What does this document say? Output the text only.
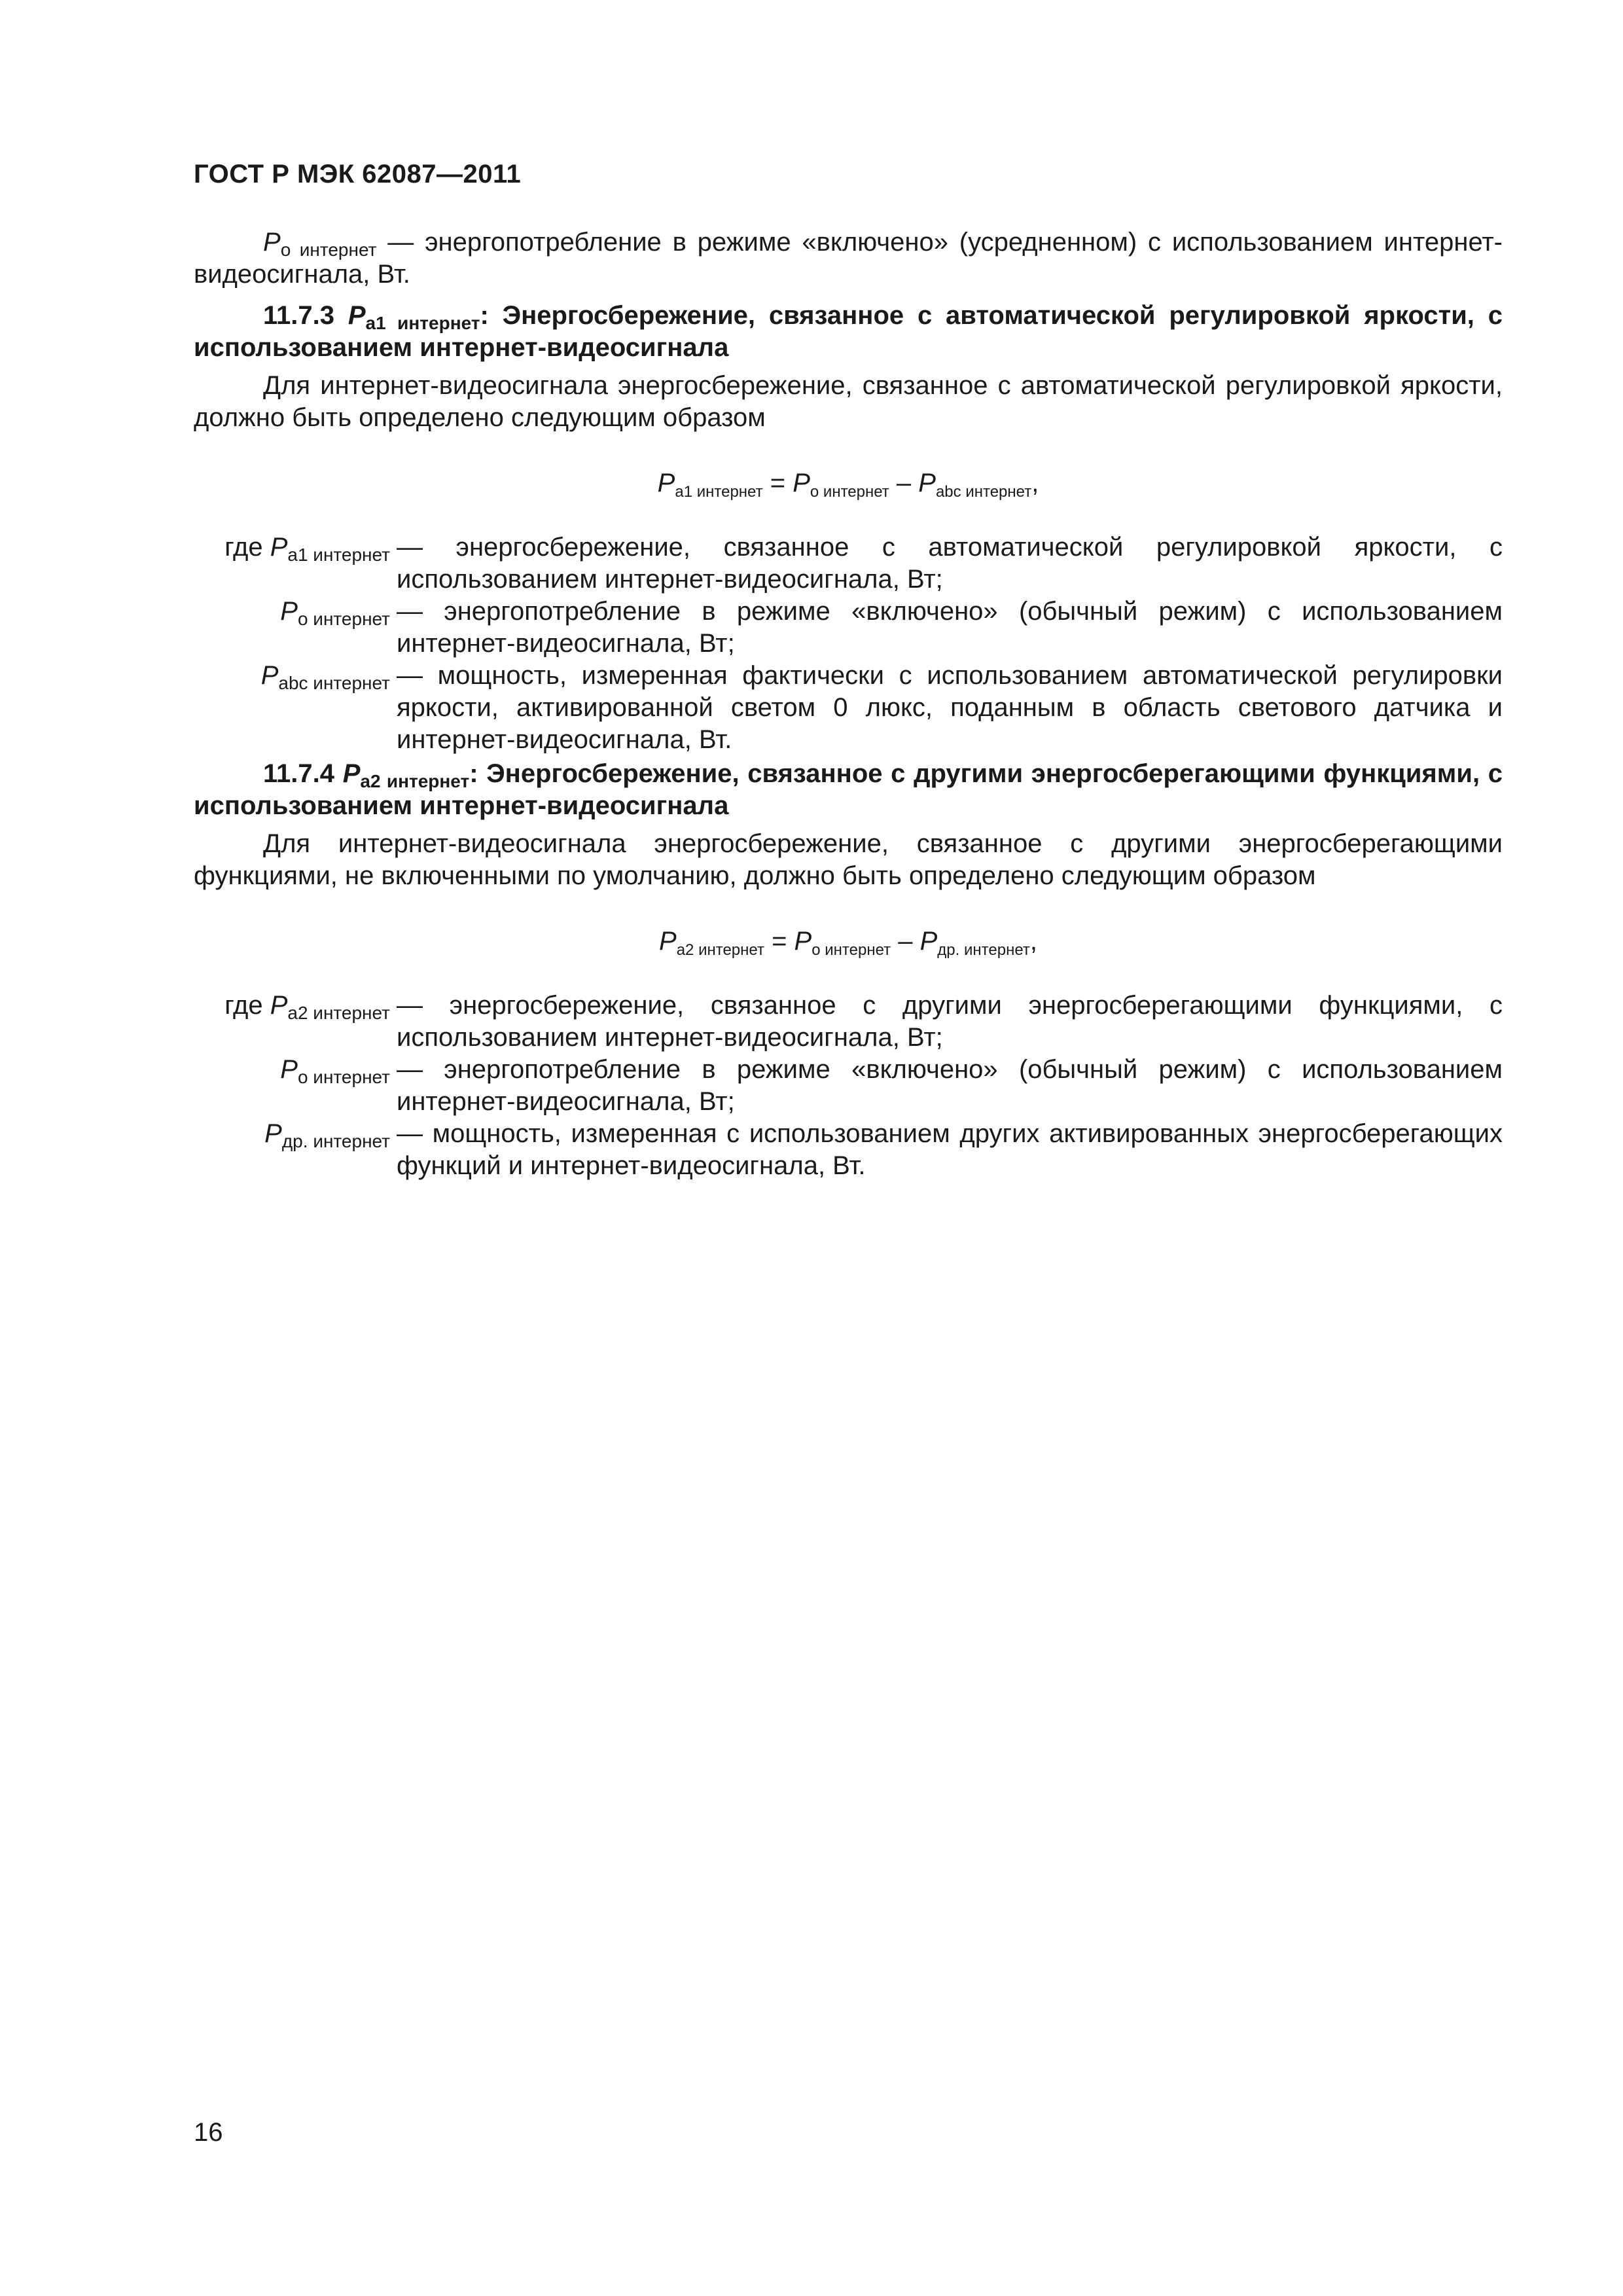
ГОСТ Р МЭК 62087—2011
$P_{о интернет}$ — энергопотребление в режиме «включено» (усредненном) с использованием интернет-видеосигнала, Вт.
11.7.3 $P_{a1 интернет}$: Энергосбережение, связанное с автоматической регулировкой яркости, с использованием интернет-видеосигнала
Для интернет-видеосигнала энергосбережение, связанное с автоматической регулировкой яркости, должно быть определено следующим образом
$P_{a1 интернет} = P_{о интернет} - P_{abc интернет}$,
где $P_{a1 интернет}$ — энергосбережение, связанное с автоматической регулировкой яркости, с использованием интернет-видеосигнала, Вт;
$P_{о интернет}$ — энергопотребление в режиме «включено» (обычный режим) с использованием интернет-видеосигнала, Вт;
$P_{abc интернет}$ — мощность, измеренная фактически с использованием автоматической регулировки яркости, активированной светом 0 люкс, поданным в область светового датчика и интернет-видеосигнала, Вт.
11.7.4 $P_{a2 интернет}$: Энергосбережение, связанное с другими энергосберегающими функциями, с использованием интернет-видеосигнала
Для интернет-видеосигнала энергосбережение, связанное с другими энергосберегающими функциями, не включенными по умолчанию, должно быть определено следующим образом
$P_{a2 интернет} = P_{о интернет} - P_{др. интернет}$,
где $P_{a2 интернет}$ — энергосбережение, связанное с другими энергосберегающими функциями, с использованием интернет-видеосигнала, Вт;
$P_{о интернет}$ — энергопотребление в режиме «включено» (обычный режим) с использованием интернет-видеосигнала, Вт;
$P_{др. интернет}$ — мощность, измеренная с использованием других активированных энергосберегающих функций и интернет-видеосигнала, Вт.
16
